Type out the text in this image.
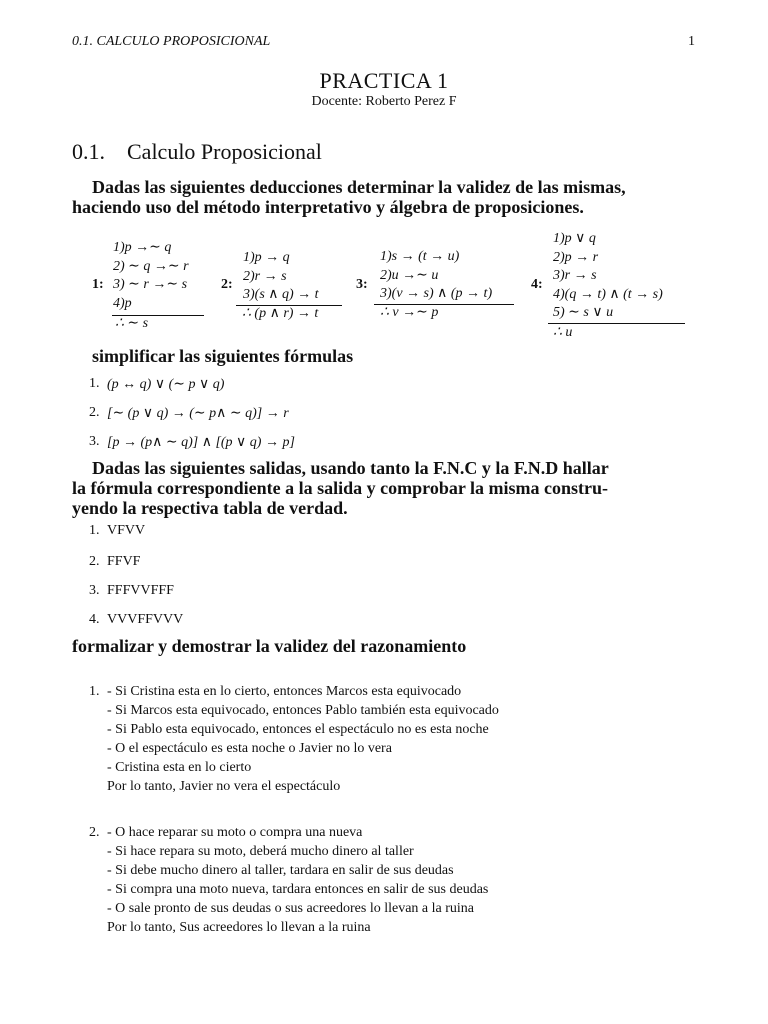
0.1. CALCULO PROPOSICIONAL	1
PRACTICA 1
Docente: Roberto Perez F
0.1. Calculo Proposicional
Dadas las siguientes deducciones determinar la validez de las mismas,
haciendo uso del método interpretativo y álgebra de proposiciones.
1:
1)p →∼ q
2) ∼ q →∼ r
3) ∼ r →∼ s
4)p
∴ ∼ s
2:
1)p → q
2)r → s
3)(s ∧ q) → t
∴ (p ∧ r) → t
3:
1)s → (t → u)
2)u →∼ u
3)(v → s) ∧ (p → t)
∴ v →∼ p
4:
1)p ∨ q
2)p → r
3)r → s
4)(q → t) ∧ (t → s)
5) ∼ s ∨ u
∴ u
simplificar las siguientes fórmulas
1. (p ↔ q) ∨ (∼ p ∨ q)
2. [∼ (p ∨ q) → (∼ p∧ ∼ q)] → r
3. [p → (p∧ ∼ q)] ∧ [(p ∨ q) → p]
Dadas las siguientes salidas, usando tanto la F.N.C y la F.N.D hallar
la fórmula correspondiente a la salida y comprobar la misma constru-
yendo la respectiva tabla de verdad.
1. VFVV
2. FFVF
3. FFFVVFFF
4. VVVFFVVV
formalizar y demostrar la validez del razonamiento
1. - Si Cristina esta en lo cierto, entonces Marcos esta equivocado
- Si Marcos esta equivocado, entonces Pablo también esta equivocado
- Si Pablo esta equivocado, entonces el espectáculo no es esta noche
- O el espectáculo es esta noche o Javier no lo vera
- Cristina esta en lo cierto
Por lo tanto, Javier no vera el espectáculo
2. - O hace reparar su moto o compra una nueva
- Si hace repara su moto, deberá mucho dinero al taller
- Si debe mucho dinero al taller, tardara en salir de sus deudas
- Si compra una moto nueva, tardara entonces en salir de sus deudas
- O sale pronto de sus deudas o sus acreedores lo llevan a la ruina
Por lo tanto, Sus acreedores lo llevan a la ruina
